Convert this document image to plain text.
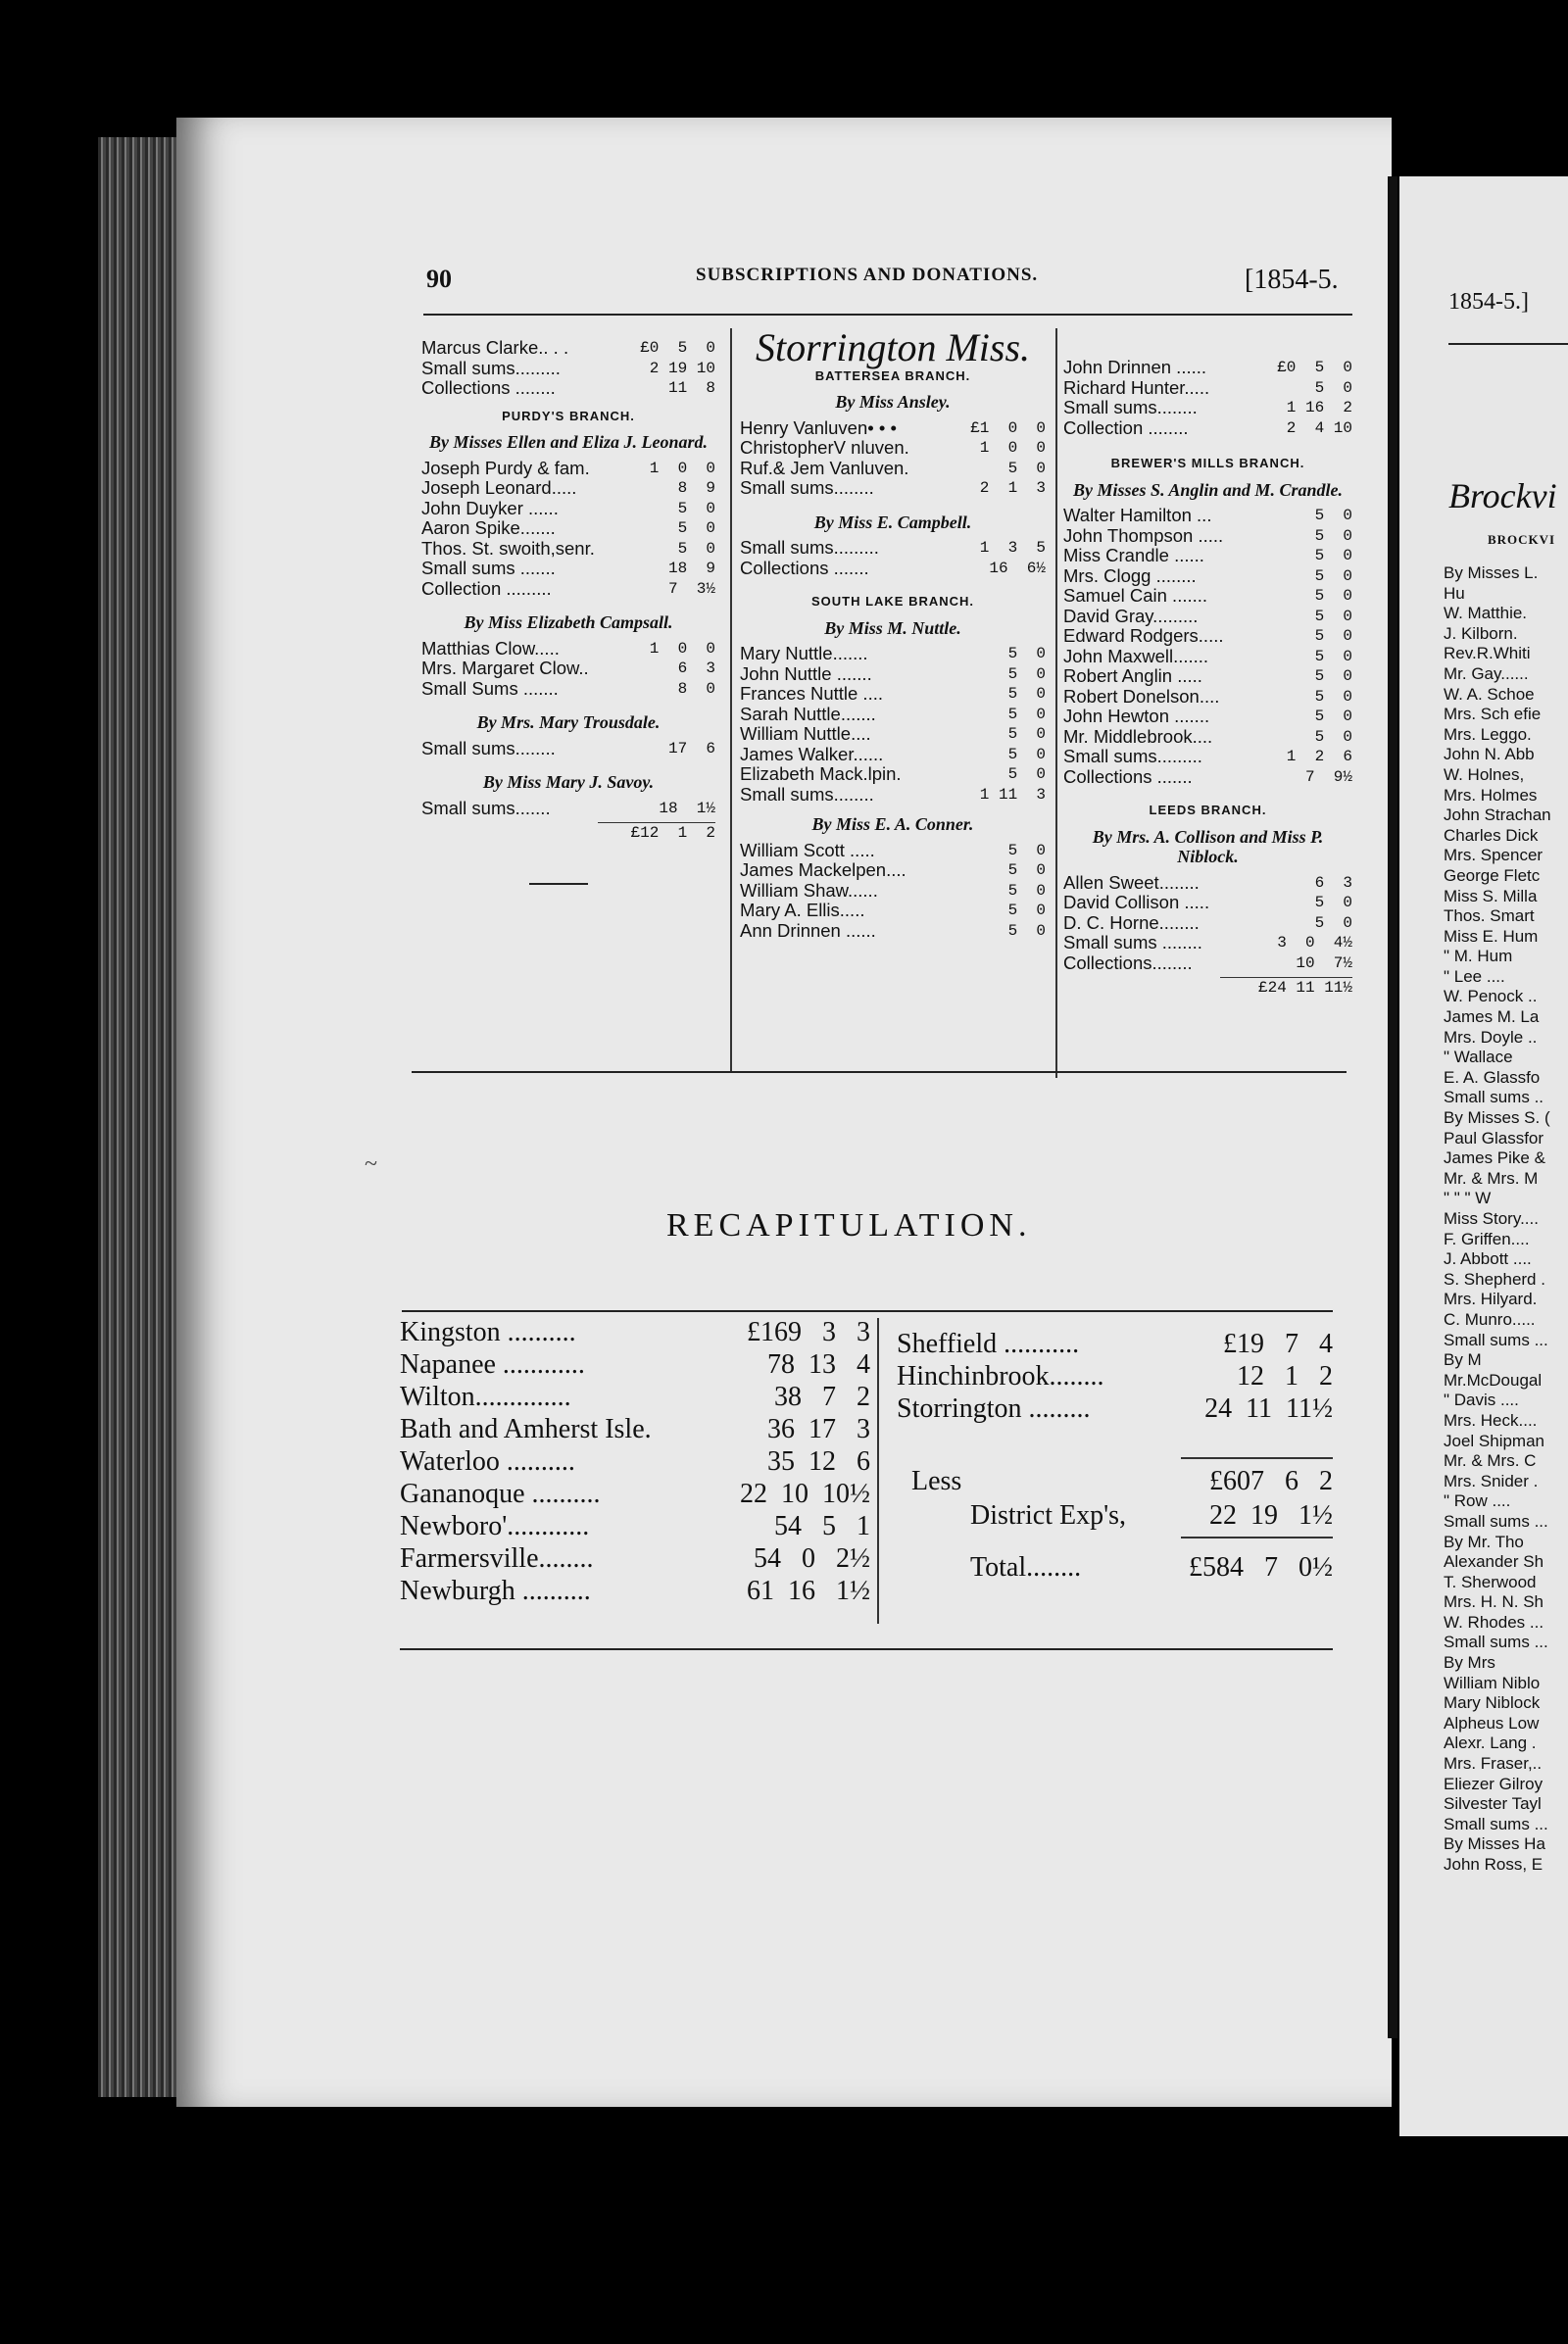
90	SUBSCRIPTIONS AND DONATIONS.	[1854-5.
Marcus Clarke.. . .	£0  5  0
Small sums.........	2 19 10
Collections ........	11  8
PURDY'S BRANCH.
By Misses Ellen and Eliza J. Leonard.
Joseph Purdy & fam.	1  0  0
Joseph Leonard.....	8  9
John Duyker ......	5  0
Aaron Spike.......	5  0
Thos. St. swoith,senr.	5  0
Small sums .......	18  9
Collection .........	7  3½
By Miss Elizabeth Campsall.
Matthias Clow.....	1  0  0
Mrs. Margaret Clow..	6  3
Small Sums .......	8  0
By Mrs. Mary Trousdale.
Small sums........	17  6
By Miss Mary J. Savoy.
Small sums.......	18  1½
£12  1  2
Storrington Miss.
BATTERSEA BRANCH.
By Miss Ansley.
Henry Vanluven• • •	£1  0  0
ChristopherV nluven.	1  0  0
Ruf.& Jem Vanluven.	5  0
Small sums........	2  1  3
By Miss E. Campbell.
Small sums.........	1  3  5
Collections .......	16  6½
SOUTH LAKE BRANCH.
By Miss M. Nuttle.
Mary Nuttle.......	5  0
John Nuttle .......	5  0
Frances Nuttle ....	5  0
Sarah Nuttle.......	5  0
William Nuttle....	5  0
James Walker......	5  0
Elizabeth Mack.lpin.	5  0
Small sums........	1 11  3
By Miss E. A. Conner.
William Scott .....	5  0
James Mackelpen....	5  0
William Shaw......	5  0
Mary A. Ellis.....	5  0
Ann Drinnen ......	5  0
John Drinnen ......	£0  5  0
Richard Hunter.....	5  0
Small sums........	1 16  2
Collection ........	2  4 10
BREWER'S MILLS BRANCH.
By Misses S. Anglin and M. Crandle.
Walter Hamilton ...	5  0
John Thompson .....	5  0
Miss Crandle ......	5  0
Mrs. Clogg ........	5  0
Samuel Cain .......	5  0
David Gray.........	5  0
Edward Rodgers.....	5  0
John Maxwell.......	5  0
Robert Anglin .....	5  0
Robert Donelson....	5  0
John Hewton .......	5  0
Mr. Middlebrook....	5  0
Small sums.........	1  2  6
Collections .......	7  9½
LEEDS BRANCH.
By Mrs. A. Collison and Miss P. Niblock.
Allen Sweet........	6  3
David Collison .....	5  0
D. C. Horne........	5  0
Small sums ........	3  0  4½
Collections........	10  7½
£24 11 11½
~
RECAPITULATION.
Kingston ..........	£169   3   3
Napanee ............	78  13   4
Wilton..............	38   7   2
Bath and Amherst Isle.	36  17   3
Waterloo ..........	35  12   6
Gananoque ..........	22  10  10½
Newboro'............	54   5   1
Farmersville........	54   0   2½
Newburgh ..........	61  16   1½
Sheffield ...........	£19   7   4
Hinchinbrook........	12   1   2
Storrington .........	24  11  11½
Less	£607   6   2
District Exp's,	22  19   1½
Total........	£584   7   0½
1854-5.]
Brockvi
BROCKVI
By Misses L.
Hu
W. Matthie.
J. Kilborn.
Rev.R.Whiti
Mr. Gay......
W. A. Schoe
Mrs. Sch efie
Mrs. Leggo.
John N. Abb
W. Holnes,
Mrs. Holmes
John Strachan
Charles Dick
Mrs. Spencer
George Fletc
Miss S. Milla
Thos. Smart
Miss E. Hum
" M. Hum
" Lee ....
W. Penock ..
James M. La
Mrs. Doyle ..
" Wallace
E. A. Glassfo
Small sums ..
By Misses S. (
Paul Glassfor
James Pike &
Mr. & Mrs. M
" " " W
Miss Story....
F. Griffen....
J. Abbott ....
S. Shepherd .
Mrs. Hilyard.
C. Munro.....
Small sums ...
By M
Mr.McDougal
" Davis ....
Mrs. Heck....
Joel Shipman
Mr. & Mrs. C
Mrs. Snider .
" Row ....
Small sums ...
By Mr. Tho
Alexander Sh
T. Sherwood
Mrs. H. N. Sh
W. Rhodes ...
Small sums ...
By Mrs
William Niblo
Mary Niblock
Alpheus Low
Alexr. Lang .
Mrs. Fraser,..
Eliezer Gilroy
Silvester Tayl
Small sums ...
By Misses Ha
John Ross, E
